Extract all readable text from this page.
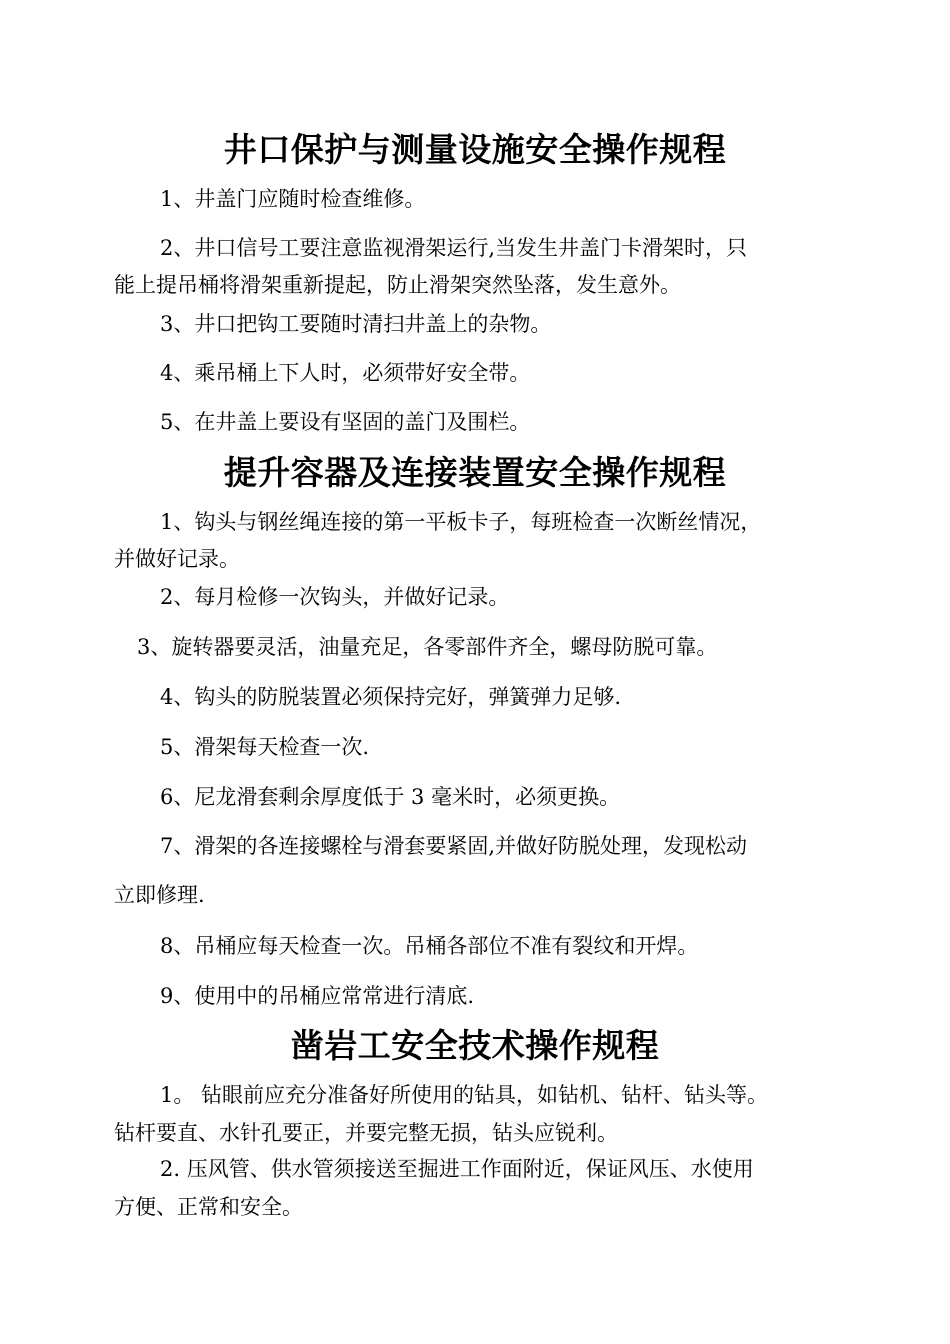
井口保护与测量设施安全操作规程
1、井盖门应随时检查维修。
2、井口信号工要注意监视滑架运行,当发生井盖门卡滑架时，只
能上提吊桶将滑架重新提起，防止滑架突然坠落，发生意外。
3、井口把钩工要随时清扫井盖上的杂物。
4、乘吊桶上下人时，必须带好安全带。
5、在井盖上要设有坚固的盖门及围栏。
提升容器及连接装置安全操作规程
1、钩头与钢丝绳连接的第一平板卡子，每班检查一次断丝情况，
并做好记录。
2、每月检修一次钩头，并做好记录。
3、旋转器要灵活，油量充足，各零部件齐全，螺母防脱可靠。
4、钩头的防脱装置必须保持完好，弹簧弹力足够.
5、滑架每天检查一次.
6、尼龙滑套剩余厚度低于 3 毫米时，必须更换。
7、滑架的各连接螺栓与滑套要紧固,并做好防脱处理，发现松动
立即修理.
8、吊桶应每天检查一次。吊桶各部位不准有裂纹和开焊。
9、使用中的吊桶应常常进行清底.
凿岩工安全技术操作规程
1。 钻眼前应充分准备好所使用的钻具，如钻机、钻杆、钻头等。
钻杆要直、水针孔要正，并要完整无损，钻头应锐利。
2. 压风管、供水管须接送至掘进工作面附近，保证风压、水使用
方便、正常和安全。
